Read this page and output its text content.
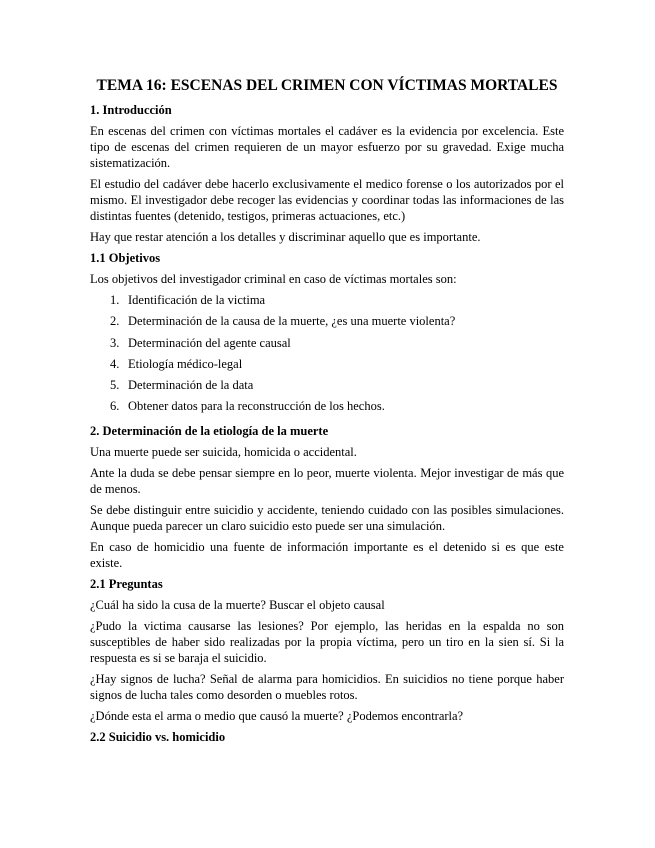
TEMA 16: ESCENAS DEL CRIMEN CON VÍCTIMAS MORTALES
1. Introducción
En escenas del crimen con víctimas mortales el cadáver es la evidencia por excelencia. Este tipo de escenas del crimen requieren de un mayor esfuerzo por su gravedad. Exige mucha sistematización.
El estudio del cadáver debe hacerlo exclusivamente el medico forense o los autorizados por el mismo. El investigador debe recoger las evidencias y coordinar todas las informaciones de las distintas fuentes (detenido, testigos, primeras actuaciones, etc.)
Hay que restar atención a los detalles y discriminar aquello que es importante.
1.1 Objetivos
Los objetivos del investigador criminal en caso de víctimas mortales son:
1. Identificación de la victima
2. Determinación de la causa de la muerte, ¿es una muerte violenta?
3. Determinación del agente causal
4. Etiología médico-legal
5. Determinación de la data
6. Obtener datos para la reconstrucción de los hechos.
2. Determinación de la etiología de la muerte
Una muerte puede ser suicida, homicida o accidental.
Ante la duda se debe pensar siempre en lo peor, muerte violenta. Mejor investigar de más que de menos.
Se debe distinguir entre suicidio y accidente, teniendo cuidado con las posibles simulaciones. Aunque pueda parecer un claro suicidio esto puede ser una simulación.
En caso de homicidio una fuente de información importante es el detenido si es que este existe.
2.1 Preguntas
¿Cuál ha sido la cusa de la muerte? Buscar el objeto causal
¿Pudo la victima causarse las lesiones? Por ejemplo, las heridas en la espalda no son susceptibles de haber sido realizadas por la propia víctima, pero un tiro en la sien sí. Si la respuesta es si se baraja el suicidio.
¿Hay signos de lucha? Señal de alarma para homicidios. En suicidios no tiene porque haber signos de lucha tales como desorden o muebles rotos.
¿Dónde esta el arma o medio que causó la muerte? ¿Podemos encontrarla?
2.2 Suicidio vs. homicidio
